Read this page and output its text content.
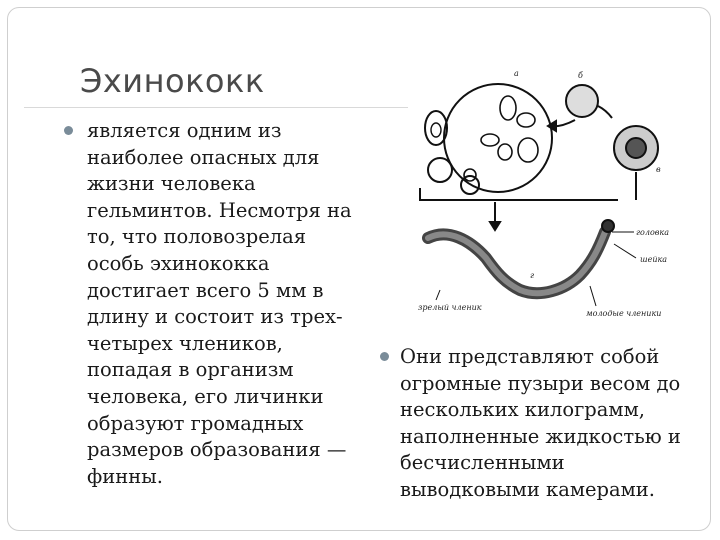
Эхинококк
является одним из
наиболее опасных для
жизни человека
гельминтов. Несмотря на
то, что половозрелая
особь эхинококка
достигает всего 5 мм в
длину и состоит из трех-
четырех члеников,
попадая в организм
человека, его личинки
образуют громадных
размеров образования —
финны.
Они представляют собой
огромные пузыри весом до
нескольких килограмм,
наполненные жидкостью и
бесчисленными
выводковыми камерами.
а	б
в
г
головка
шейка
зрелый членик
молодые членики
